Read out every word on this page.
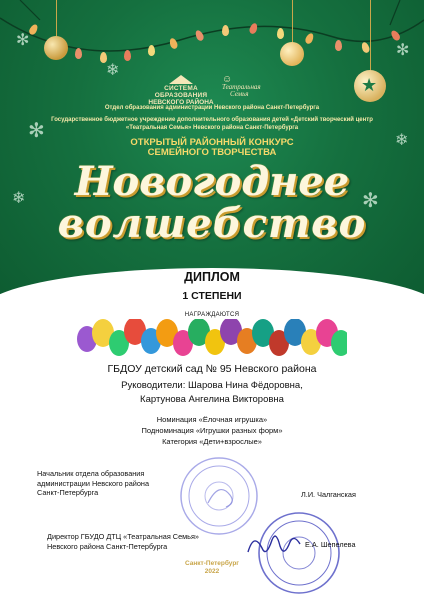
★
✻
❄
✻
❄	✻
❄
✻
СИСТЕМА ОБРАЗОВАНИЯ
НЕВСКОГО РАЙОНА
☺
Театральная
Семья
Отдел образования администрации Невского района Санкт-Петербурга
Государственное бюджетное учреждение дополнительного образования детей «Детский творческий центр «Театральная Семья» Невского района Санкт-Петербурга
ОТКРЫТЫЙ РАЙОННЫЙ КОНКУРС
СЕМЕЙНОГО ТВОРЧЕСТВА
Новогоднее
волшебство
ДИПЛОМ
1 СТЕПЕНИ
НАГРАЖДАЮТСЯ
ГБДОУ детский сад № 95 Невского района
Руководители: Шарова Нина Фёдоровна,
Картунова Ангелина Викторовна
Номинация «Ёлочная игрушка»
Подноминация «Игрушки разных форм»
Категория «Дети+взрослые»
Начальник отдела образования
администрации Невского района
Санкт-Петербурга	Л.И. Чалганская
Директор ГБУДО ДТЦ «Театральная Семья»
Невского района Санкт-Петербурга	Е.А. Шепелева
Санкт-Петербург
2022
